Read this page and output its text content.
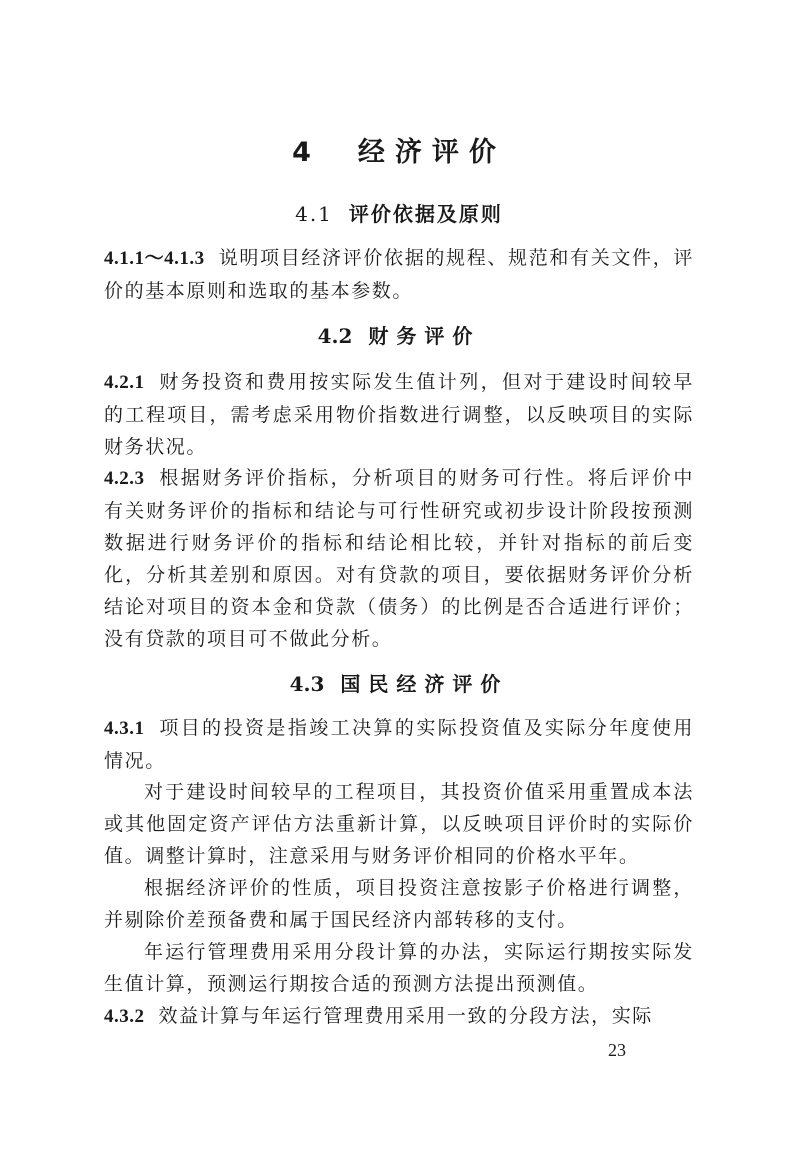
4　经济评价
4.1 评价依据及原则
4.1.1～4.1.3 说明项目经济评价依据的规程、规范和有关文件，评价的基本原则和选取的基本参数。
4.2 财务评价
4.2.1 财务投资和费用按实际发生值计列，但对于建设时间较早的工程项目，需考虑采用物价指数进行调整，以反映项目的实际财务状况。
4.2.3 根据财务评价指标，分析项目的财务可行性。将后评价中有关财务评价的指标和结论与可行性研究或初步设计阶段按预测数据进行财务评价的指标和结论相比较，并针对指标的前后变化，分析其差别和原因。对有贷款的项目，要依据财务评价分析结论对项目的资本金和贷款（债务）的比例是否合适进行评价；没有贷款的项目可不做此分析。
4.3 国民经济评价
4.3.1 项目的投资是指竣工决算的实际投资值及实际分年度使用情况。
对于建设时间较早的工程项目，其投资价值采用重置成本法或其他固定资产评估方法重新计算，以反映项目评价时的实际价值。调整计算时，注意采用与财务评价相同的价格水平年。
根据经济评价的性质，项目投资注意按影子价格进行调整，并剔除价差预备费和属于国民经济内部转移的支付。
年运行管理费用采用分段计算的办法，实际运行期按实际发生值计算，预测运行期按合适的预测方法提出预测值。
4.3.2 效益计算与年运行管理费用采用一致的分段方法，实际
23
